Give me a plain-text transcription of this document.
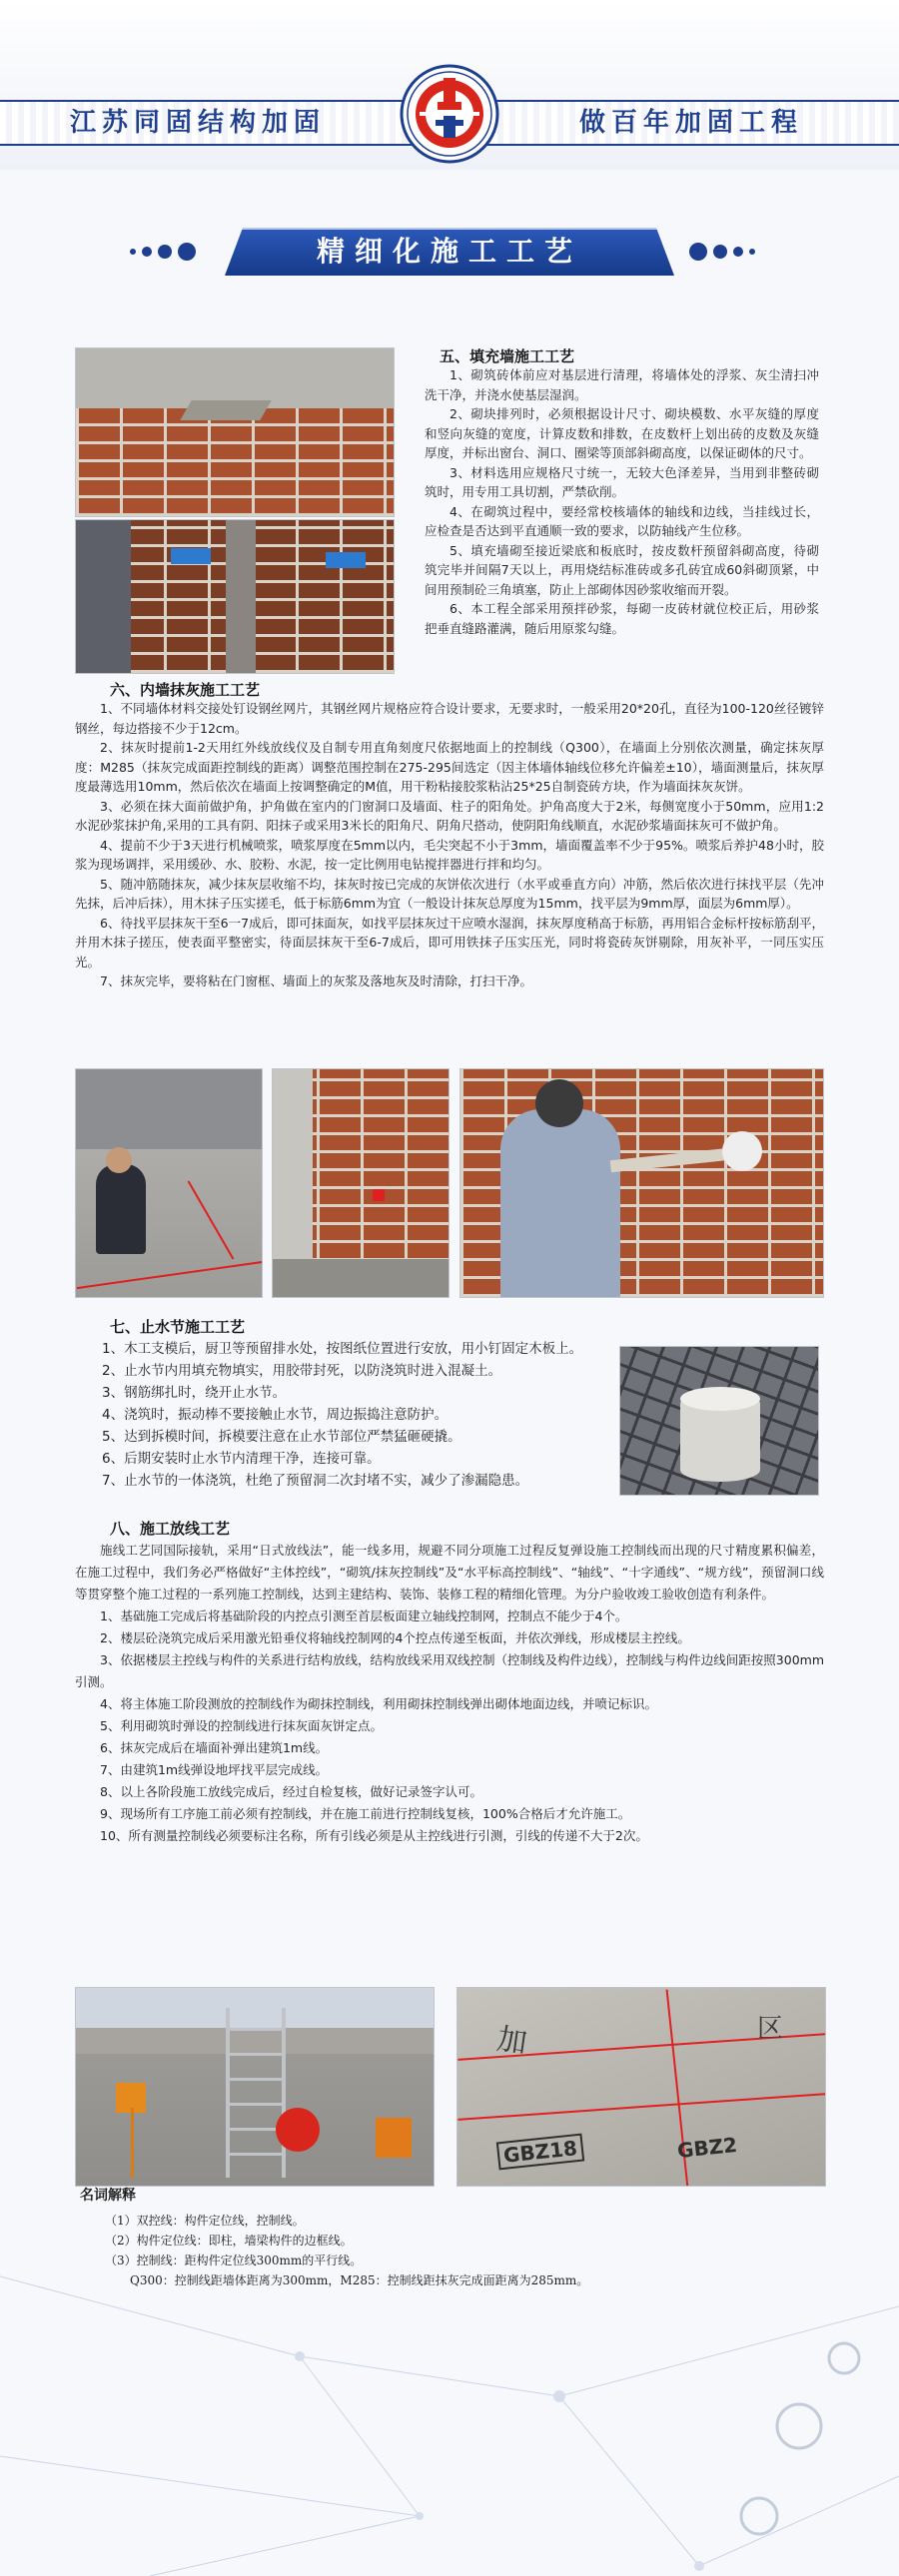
江苏同固结构加固	做百年加固工程
精细化施工工艺
五、填充墙施工工艺

1、砌筑砖体前应对基层进行清理，将墙体处的浮浆、灰尘清扫冲洗干净，并浇水使基层湿润。

2、砌块排列时，必须根据设计尺寸、砌块模数、水平灰缝的厚度和竖向灰缝的宽度，计算皮数和排数，在皮数杆上划出砖的皮数及灰缝厚度，并标出窗台、洞口、圈梁等顶部斜砌高度，以保证砌体的尺寸。

3、材料选用应规格尺寸统一，无较大色泽差异，当用到非整砖砌筑时，用专用工具切割，严禁砍削。

4、在砌筑过程中，要经常校核墙体的轴线和边线，当挂线过长，应检查是否达到平直通顺一致的要求，以防轴线产生位移。

5、填充墙砌至接近梁底和板底时，按皮数杆预留斜砌高度，待砌筑完毕并间隔7天以上，再用烧结标准砖或多孔砖宜成60斜砌顶紧，中间用预制砼三角填塞，防止上部砌体因砂浆收缩而开裂。

6、本工程全部采用预拌砂浆，每砌一皮砖材就位校正后，用砂浆把垂直缝路灌满，随后用原浆勾缝。

六、内墙抹灰施工工艺

1、不同墙体材料交接处钉设钢丝网片，其钢丝网片规格应符合设计要求，无要求时，一般采用20*20孔，直径为100-120丝径镀锌钢丝，每边搭接不少于12cm。

2、抹灰时提前1-2天用红外线放线仪及自制专用直角刻度尺依据地面上的控制线（Q300），在墙面上分别依次测量，确定抹灰厚度：M285（抹灰完成面距控制线的距离）调整范围控制在275-295间选定（因主体墙体轴线位移允许偏差±10），墙面测量后，抹灰厚度最薄选用10mm，然后依次在墙面上按调整确定的M值，用干粉粘接胶浆粘沾25*25自制瓷砖方块，作为墙面抹灰灰饼。

3、必须在抹大面前做护角，护角做在室内的门窗洞口及墙面、柱子的阳角处。护角高度大于2米，每侧宽度小于50mm，应用1:2水泥砂浆抹护角,采用的工具有阴、阳抹子或采用3米长的阳角尺、阴角尺搭动，使阴阳角线顺直，水泥砂浆墙面抹灰可不做护角。

4、提前不少于3天进行机械喷浆，喷浆厚度在5mm以内，毛尖突起不小于3mm，墙面覆盖率不少于95%。喷浆后养护48小时，胶浆为现场调拌，采用缓砂、水、胶粉、水泥，按一定比例用电钻搅拌器进行拌和均匀。

5、随冲筋随抹灰，减少抹灰层收缩不均，抹灰时按已完成的灰饼依次进行（水平或垂直方向）冲筋，然后依次进行抹找平层（先冲先抹，后冲后抹），用木抹子压实搓毛，低于标筋6mm为宜（一般设计抹灰总厚度为15mm，找平层为9mm厚，面层为6mm厚）。

6、待找平层抹灰干至6一7成后，即可抹面灰，如找平层抹灰过干应喷水湿润，抹灰厚度稍高于标筋，再用铝合金标杆按标筋刮平，并用木抹子搓压，使表面平整密实，待面层抹灰干至6-7成后，即可用铁抹子压实压光，同时将瓷砖灰饼剔除，用灰补平，一同压实压光。

7、抹灰完毕，要将粘在门窗框、墙面上的灰浆及落地灰及时清除，打扫干净。

七、止水节施工工艺

1、木工支模后，厨卫等预留排水处，按图纸位置进行安放，用小钉固定木板上。

2、止水节内用填充物填实，用胶带封死，以防浇筑时进入混凝土。

3、钢筋绑扎时，绕开止水节。

4、浇筑时，振动棒不要接触止水节，周边振捣注意防护。

5、达到拆模时间，拆模要注意在止水节部位严禁猛砸硬撬。

6、后期安装时止水节内清理干净，连接可靠。

7、止水节的一体浇筑，杜绝了预留洞二次封堵不实，减少了渗漏隐患。

八、施工放线工艺

施线工艺同国际接轨，采用“日式放线法”，能一线多用，规避不同分项施工过程反复弹设施工控制线而出现的尺寸精度累积偏差，在施工过程中，我们务必严格做好“主体控线”，“砌筑/抹灰控制线”及“水平标高控制线”、“轴线”、“十字通线”、“规方线”，预留洞口线等贯穿整个施工过程的一系列施工控制线，达到主建结构、装饰、装修工程的精细化管理。为分户验收竣工验收创造有利条件。

1、基础施工完成后将基础阶段的内控点引测至首层板面建立轴线控制网，控制点不能少于4个。

2、楼层砼浇筑完成后采用激光铅垂仪将轴线控制网的4个控点传递至板面，并依次弹线，形成楼层主控线。

3、依据楼层主控线与构件的关系进行结构放线，结构放线采用双线控制（控制线及构件边线），控制线与构件边线间距按照300mm引测。

4、将主体施工阶段测放的控制线作为砌抹控制线，利用砌抹控制线弹出砌体地面边线，并喷记标识。

5、利用砌筑时弹设的控制线进行抹灰面灰饼定点。

6、抹灰完成后在墙面补弹出建筑1m线。

7、由建筑1m线弹设地坪找平层完成线。

8、以上各阶段施工放线完成后，经过自检复核，做好记录签字认可。

9、现场所有工序施工前必须有控制线，并在施工前进行控制线复核，100%合格后才允许施工。

10、所有测量控制线必须要标注名称，所有引线必须是从主控线进行引测，引线的传递不大于2次。

加	区
GBZ18	GBZ2
名词解释
（1）双控线：构件定位线，控制线。
（2）构件定位线：即柱，墙梁构件的边框线。
（3）控制线：距构件定位线300mm的平行线。
Q300：控制线距墙体距离为300mm，M285：控制线距抹灰完成面距离为285mm。
